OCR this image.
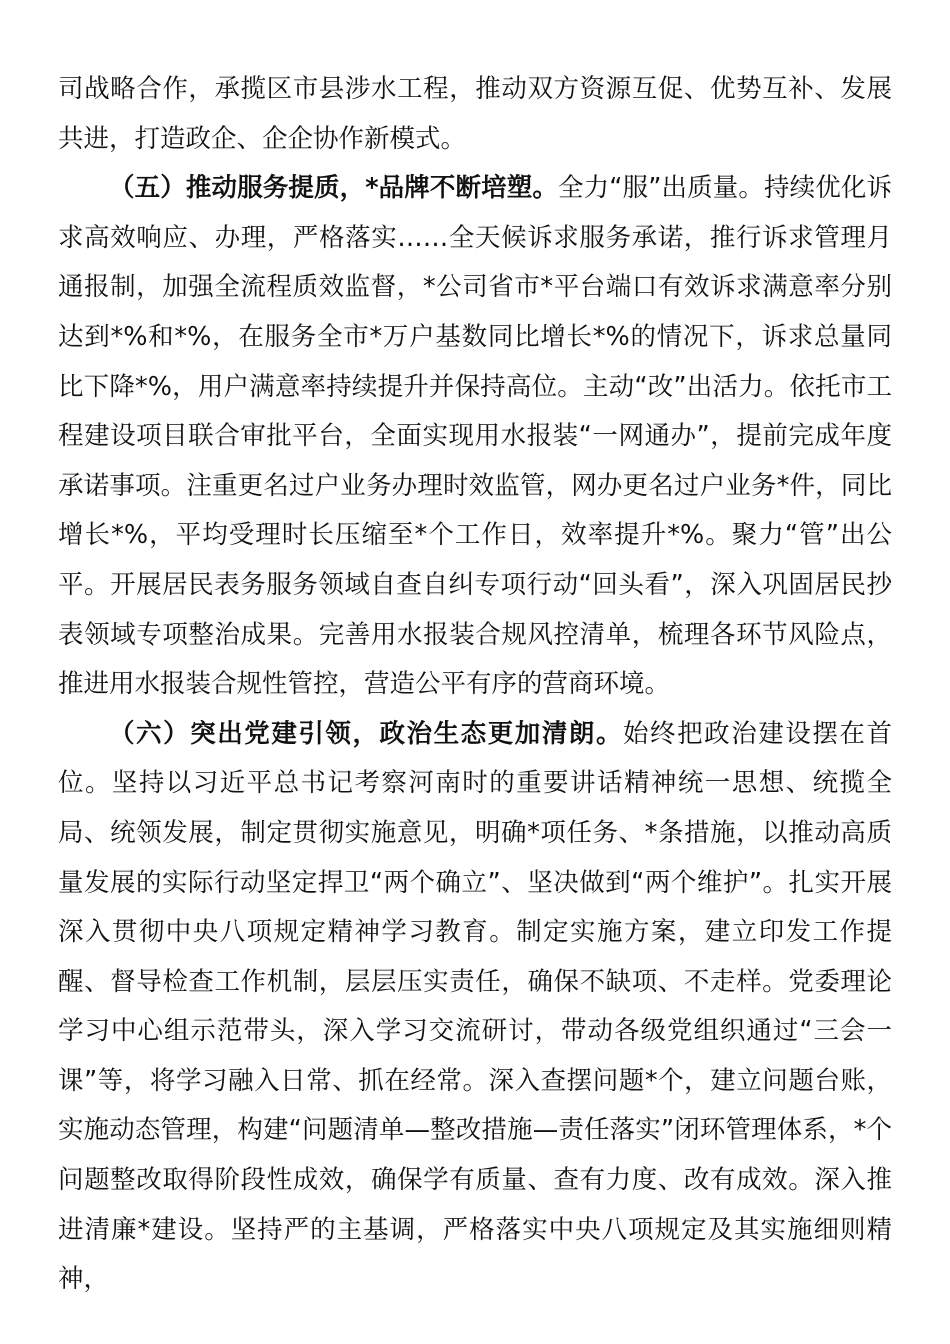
司战略合作，承揽区市县涉水工程，推动双方资源互促、优势互补、发展共进，打造政企、企企协作新模式。

（五）推动服务提质，*品牌不断培塑。全力“服”出质量。持续优化诉求高效响应、办理，严格落实……全天候诉求服务承诺，推行诉求管理月通报制，加强全流程质效监督，*公司省市*平台端口有效诉求满意率分别达到*%和*%，在服务全市*万户基数同比增长*%的情况下，诉求总量同比下降*%，用户满意率持续提升并保持高位。主动“改”出活力。依托市工程建设项目联合审批平台，全面实现用水报装“一网通办”，提前完成年度承诺事项。注重更名过户业务办理时效监管，网办更名过户业务*件，同比增长*%，平均受理时长压缩至*个工作日，效率提升*%。聚力“管”出公平。开展居民表务服务领域自查自纠专项行动“回头看”，深入巩固居民抄表领域专项整治成果。完善用水报装合规风控清单，梳理各环节风险点，推进用水报装合规性管控，营造公平有序的营商环境。

（六）突出党建引领，政治生态更加清朗。始终把政治建设摆在首位。坚持以习近平总书记考察河南时的重要讲话精神统一思想、统揽全局、统领发展，制定贯彻实施意见，明确*项任务、*条措施，以推动高质量发展的实际行动坚定捍卫“两个确立”、坚决做到“两个维护”。扎实开展深入贯彻中央八项规定精神学习教育。制定实施方案，建立印发工作提醒、督导检查工作机制，层层压实责任，确保不缺项、不走样。党委理论学习中心组示范带头，深入学习交流研讨，带动各级党组织通过“三会一课”等，将学习融入日常、抓在经常。深入查摆问题*个，建立问题台账，实施动态管理，构建“问题清单—整改措施—责任落实”闭环管理体系，*个问题整改取得阶段性成效，确保学有质量、查有力度、改有成效。深入推进清廉*建设。坚持严的主基调，严格落实中央八项规定及其实施细则精神，
